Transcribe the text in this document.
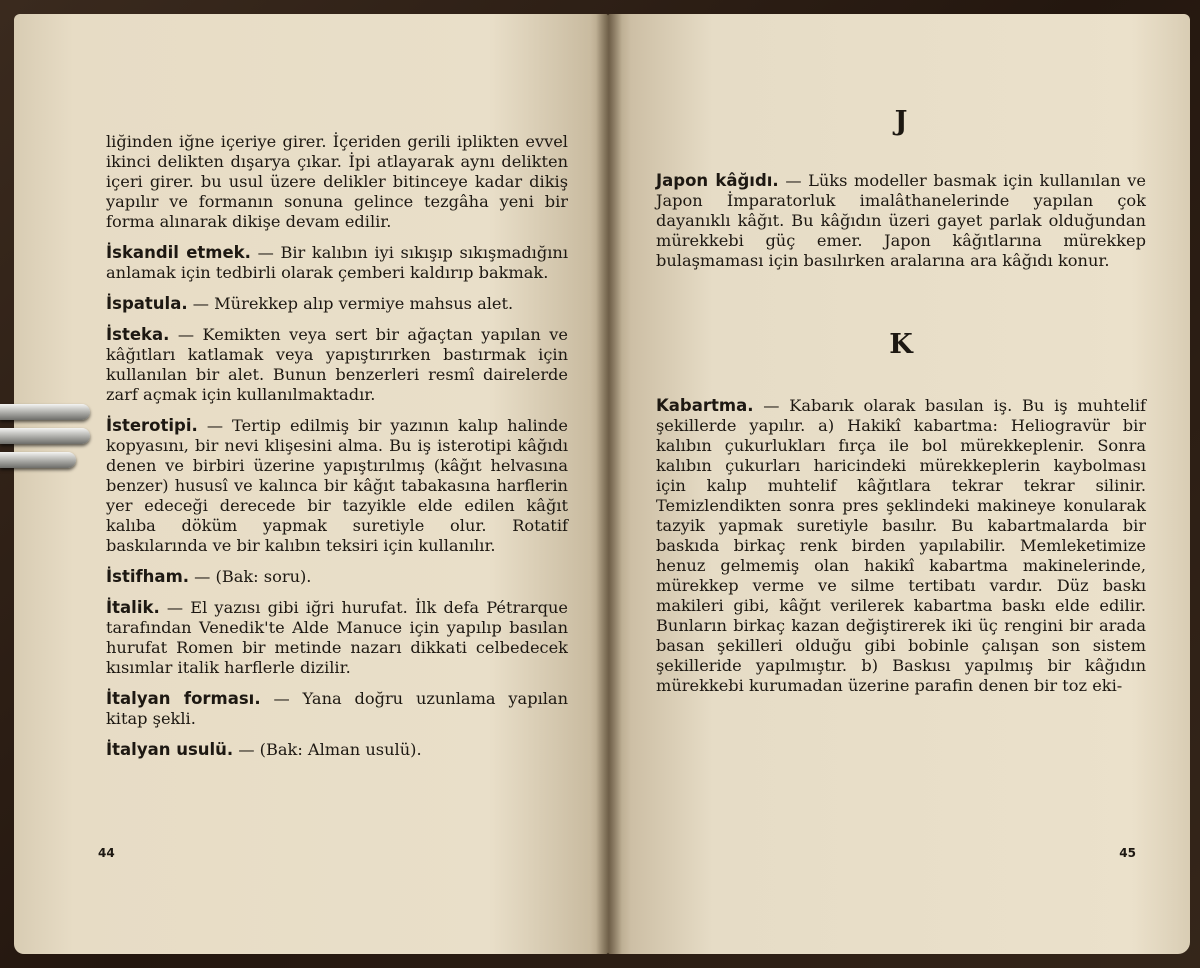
liğinden iğne içeriye girer. İçeriden gerili iplikten evvel ikinci delikten dışarya çıkar. İpi atlayarak aynı delikten içeri girer. bu usul üzere delikler bitinceye kadar dikiş yapılır ve formanın sonuna gelince tezgâha yeni bir forma alınarak dikişe devam edilir.

İskandil etmek. — Bir kalıbın iyi sıkışıp sıkışmadığını anlamak için tedbirli olarak çemberi kaldırıp bakmak.

İspatula. — Mürekkep alıp vermiye mahsus alet.

İsteka. — Kemikten veya sert bir ağaçtan yapılan ve kâğıtları katlamak veya yapıştırırken bastırmak için kullanılan bir alet. Bunun benzerleri resmî dairelerde zarf açmak için kullanılmaktadır.

İsterotipi. — Tertip edilmiş bir yazının kalıp halinde kopyasını, bir nevi klişesini alma. Bu iş isterotipi kâğıdı denen ve birbiri üzerine yapıştırılmış (kâğıt helvasına benzer) hususî ve kalınca bir kâğıt tabakasına harflerin yer edeceği derecede bir tazyikle elde edilen kâğıt kalıba döküm yapmak suretiyle olur. Rotatif baskılarında ve bir kalıbın teksiri için kullanılır.

İstifham. — (Bak: soru).

İtalik. — El yazısı gibi iğri hurufat. İlk defa Pétrarque tarafından Venedik'te Alde Manuce için yapılıp basılan hurufat Romen bir metinde nazarı dikkati celbedecek kısımlar italik harflerle dizilir.

İtalyan forması. — Yana doğru uzunlama yapılan kitap şekli.

İtalyan usulü. — (Bak: Alman usulü).

44
J

Japon kâğıdı. — Lüks modeller basmak için kullanılan ve Japon İmparatorluk imalâthanelerinde yapılan çok dayanıklı kâğıt. Bu kâğıdın üzeri gayet parlak olduğundan mürekkebi güç emer. Japon kâğıtlarına mürekkep bulaşmaması için basılırken aralarına ara kâğıdı konur.

K

Kabartma. — Kabarık olarak basılan iş. Bu iş muhtelif şekillerde yapılır. a) Hakikî kabartma: Heliogravür bir kalıbın çukurlukları fırça ile bol mürekkeplenir. Sonra kalıbın çukurları haricindeki mürekkeplerin kaybolması için kalıp muhtelif kâğıtlara tekrar tekrar silinir. Temizlendikten sonra pres şeklindeki makineye konularak tazyik yapmak suretiyle basılır. Bu kabartmalarda bir baskıda birkaç renk birden yapılabilir. Memleketimize henuz gelmemiş olan hakikî kabartma makinelerinde, mürekkep verme ve silme tertibatı vardır. Düz baskı makileri gibi, kâğıt verilerek kabartma baskı elde edilir. Bunların birkaç kazan değiştirerek iki üç rengini bir arada basan şekilleri olduğu gibi bobinle çalışan son sistem şekilleride yapılmıştır. b) Baskısı yapılmış bir kâğıdın mürekkebi kurumadan üzerine parafin denen bir toz eki-

45
